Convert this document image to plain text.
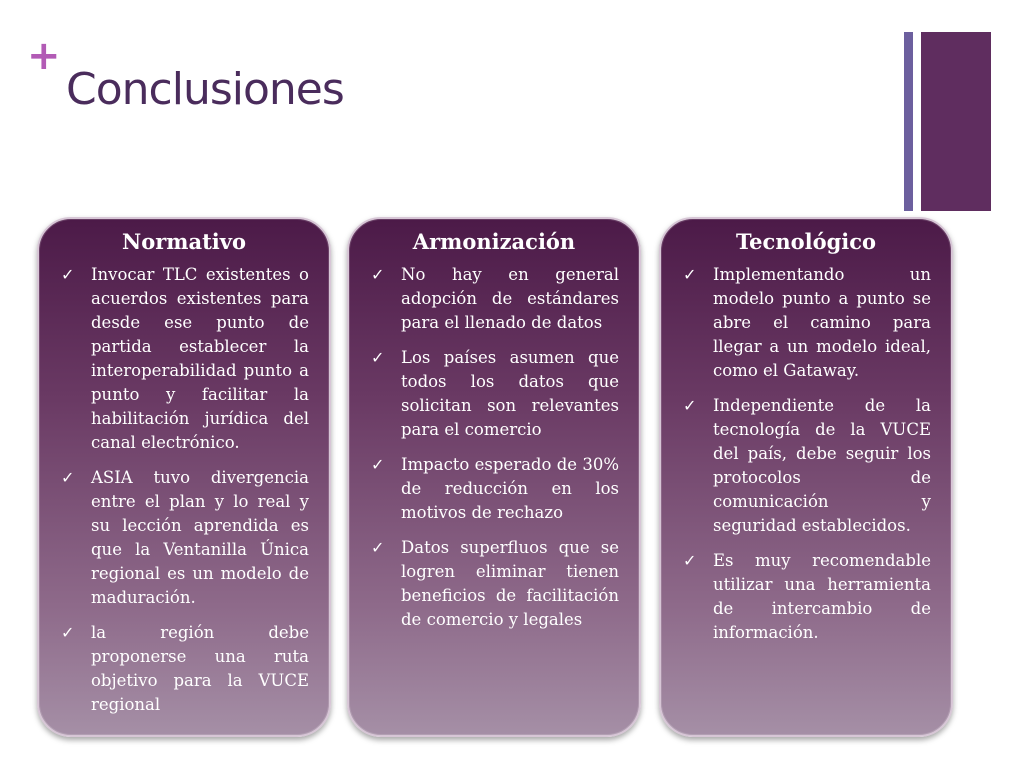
+
Conclusiones
Normativo
✓ Invocar TLC existentes o acuerdos existentes para desde ese punto de partida establecer la interoperabilidad punto a punto y facilitar la habilitación jurídica del canal electrónico.
✓ ASIA tuvo divergencia entre el plan y lo real y su lección aprendida es que la Ventanilla Única regional es un modelo de maduración.
✓ la región debe proponerse una ruta objetivo para la VUCE regional
Armonización
✓ No hay en general adopción de estándares para el llenado de datos
✓ Los países asumen que todos los datos que solicitan son relevantes para el comercio
✓ Impacto esperado de 30% de reducción en los motivos de rechazo
✓ Datos superfluos que se logren eliminar tienen beneficios de facilitación de comercio y legales
Tecnológico
✓ Implementando un modelo punto a punto se abre el camino para llegar a un modelo ideal, como el Gataway.
✓ Independiente de la tecnología de la VUCE del país, debe seguir los protocolos de comunicación y seguridad establecidos.
✓ Es muy recomendable utilizar una herramienta de intercambio de información.
